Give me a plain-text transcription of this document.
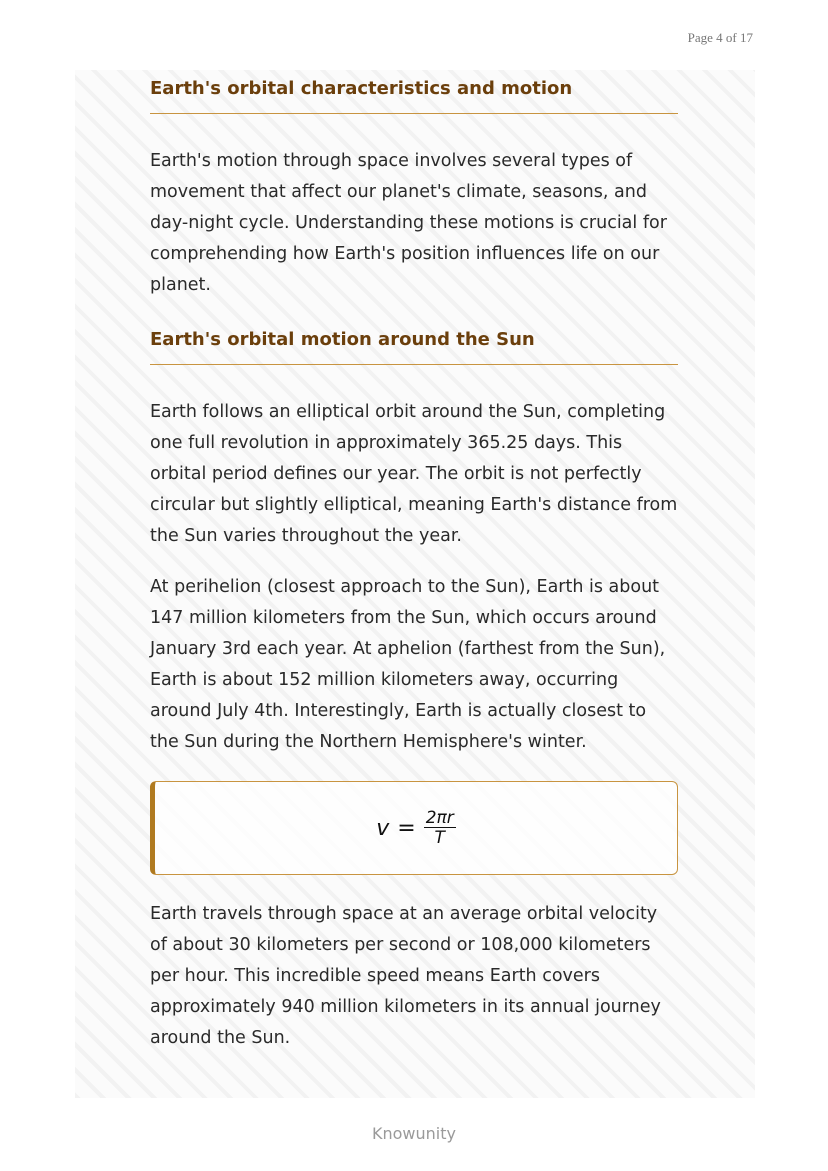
Page 4 of 17
Earth's orbital characteristics and motion

Earth's motion through space involves several types of movement that affect our planet's climate, seasons, and day-night cycle. Understanding these motions is crucial for comprehending how Earth's position influences life on our planet.

Earth's orbital motion around the Sun

Earth follows an elliptical orbit around the Sun, completing one full revolution in approximately 365.25 days. This orbital period defines our year. The orbit is not perfectly circular but slightly elliptical, meaning Earth's distance from the Sun varies throughout the year.

At perihelion (closest approach to the Sun), Earth is about 147 million kilometers from the Sun, which occurs around January 3rd each year. At aphelion (farthest from the Sun), Earth is about 152 million kilometers away, occurring around July 4th. Interestingly, Earth is actually closest to the Sun during the Northern Hemisphere's winter.

$v = \frac{2\pi r}{T}$

Earth travels through space at an average orbital velocity of about 30 kilometers per second or 108,000 kilometers per hour. This incredible speed means Earth covers approximately 940 million kilometers in its annual journey around the Sun.

Knowunity
